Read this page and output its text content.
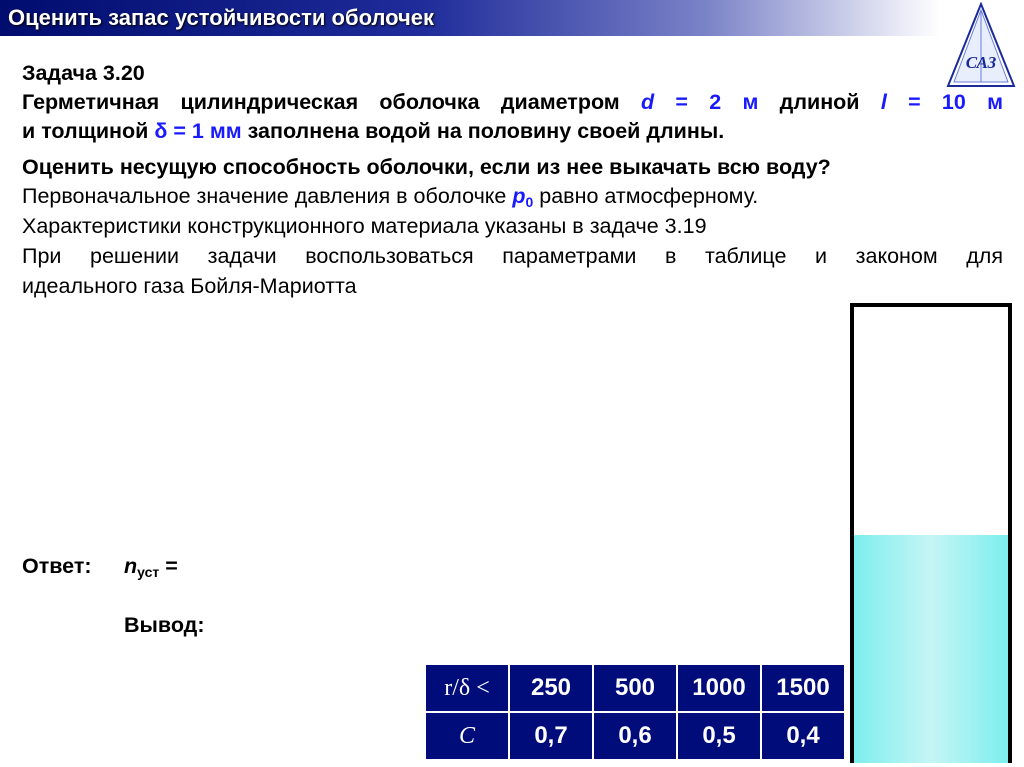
Оценить запас устойчивости оболочек
САЗ
Задача 3.20
Герметичная цилиндрическая оболочка диаметром d = 2 м длиной l = 10 м
и толщиной δ = 1 мм заполнена водой на половину своей длины.
Оценить несущую способность оболочки, если из нее выкачать всю воду?
Первоначальное значение давления в оболочке $p_0$ равно атмосферному.
Характеристики конструкционного материала указаны в задаче 3.19
При решении задачи воспользоваться параметрами в таблице и законом для
идеального газа Бойля-Мариотта
Ответ: $n_{уст}$ =
Вывод:
r/δ <	250	500	1000	1500
C	0,7	0,6	0,5	0,4
